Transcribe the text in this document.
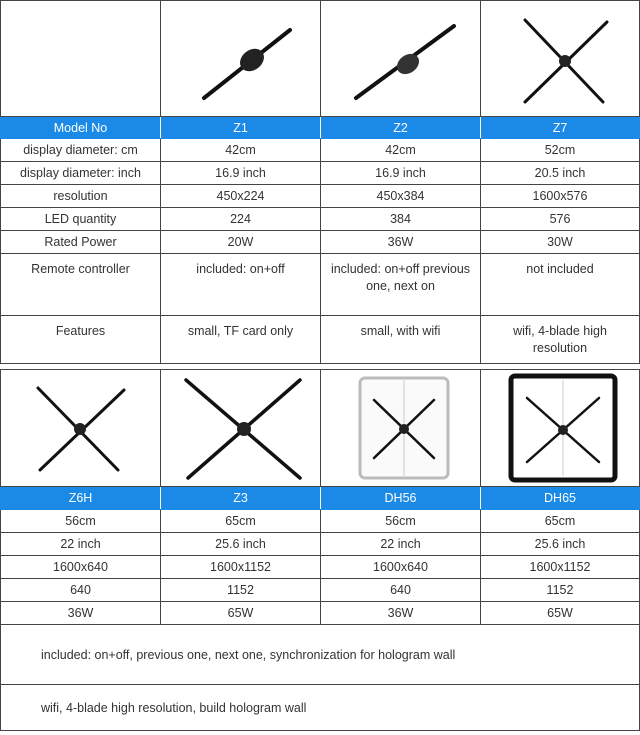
Model No	Z1	Z2	Z7
display diameter: cm	42cm	42cm	52cm
display diameter: inch	16.9 inch	16.9 inch	20.5 inch
resolution	450x224	450x384	1600x576
LED quantity	224	384	576
Rated Power	20W	36W	30W
Remote controller	included: on+off	included: on+off previous one, next on	not included
Features	small, TF card only	small, with wifi	wifi, 4-blade high resolution

Z6H	Z3	DH56	DH65
56cm	65cm	56cm	65cm
22 inch	25.6 inch	22 inch	25.6 inch
1600x640	1600x1152	1600x640	1600x1152
640	1152	640	1152
36W	65W	36W	65W
included: on+off, previous one, next one, synchronization for hologram wall			
wifi, 4-blade high resolution, build hologram wall			
